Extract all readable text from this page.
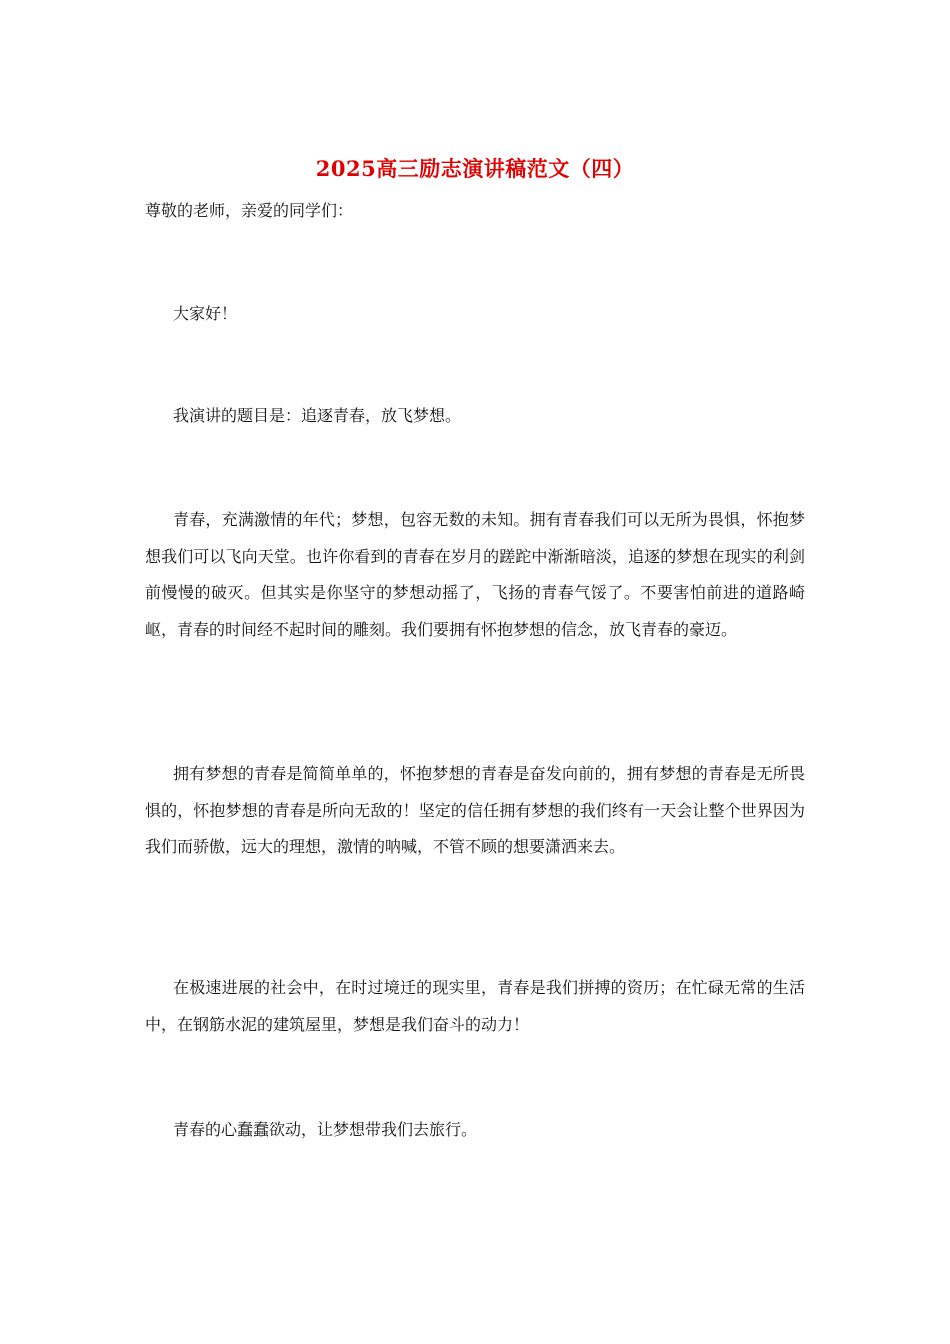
2025高三励志演讲稿范文（四）
尊敬的老师，亲爱的同学们：

大家好！

我演讲的题目是：追逐青春，放飞梦想。

青春，充满激情的年代；梦想，包容无数的未知。拥有青春我们可以无所为畏惧，怀抱梦想我们可以飞向天堂。也许你看到的青春在岁月的蹉跎中渐渐暗淡，追逐的梦想在现实的利剑前慢慢的破灭。但其实是你坚守的梦想动摇了，飞扬的青春气馁了。不要害怕前进的道路崎岖，青春的时间经不起时间的雕刻。我们要拥有怀抱梦想的信念，放飞青春的豪迈。

拥有梦想的青春是简简单单的，怀抱梦想的青春是奋发向前的，拥有梦想的青春是无所畏惧的，怀抱梦想的青春是所向无敌的！坚定的信任拥有梦想的我们终有一天会让整个世界因为我们而骄傲，远大的理想，激情的呐喊，不管不顾的想要潇洒来去。

在极速进展的社会中，在时过境迁的现实里，青春是我们拼搏的资历；在忙碌无常的生活中，在钢筋水泥的建筑屋里，梦想是我们奋斗的动力！

青春的心蠢蠢欲动，让梦想带我们去旅行。
